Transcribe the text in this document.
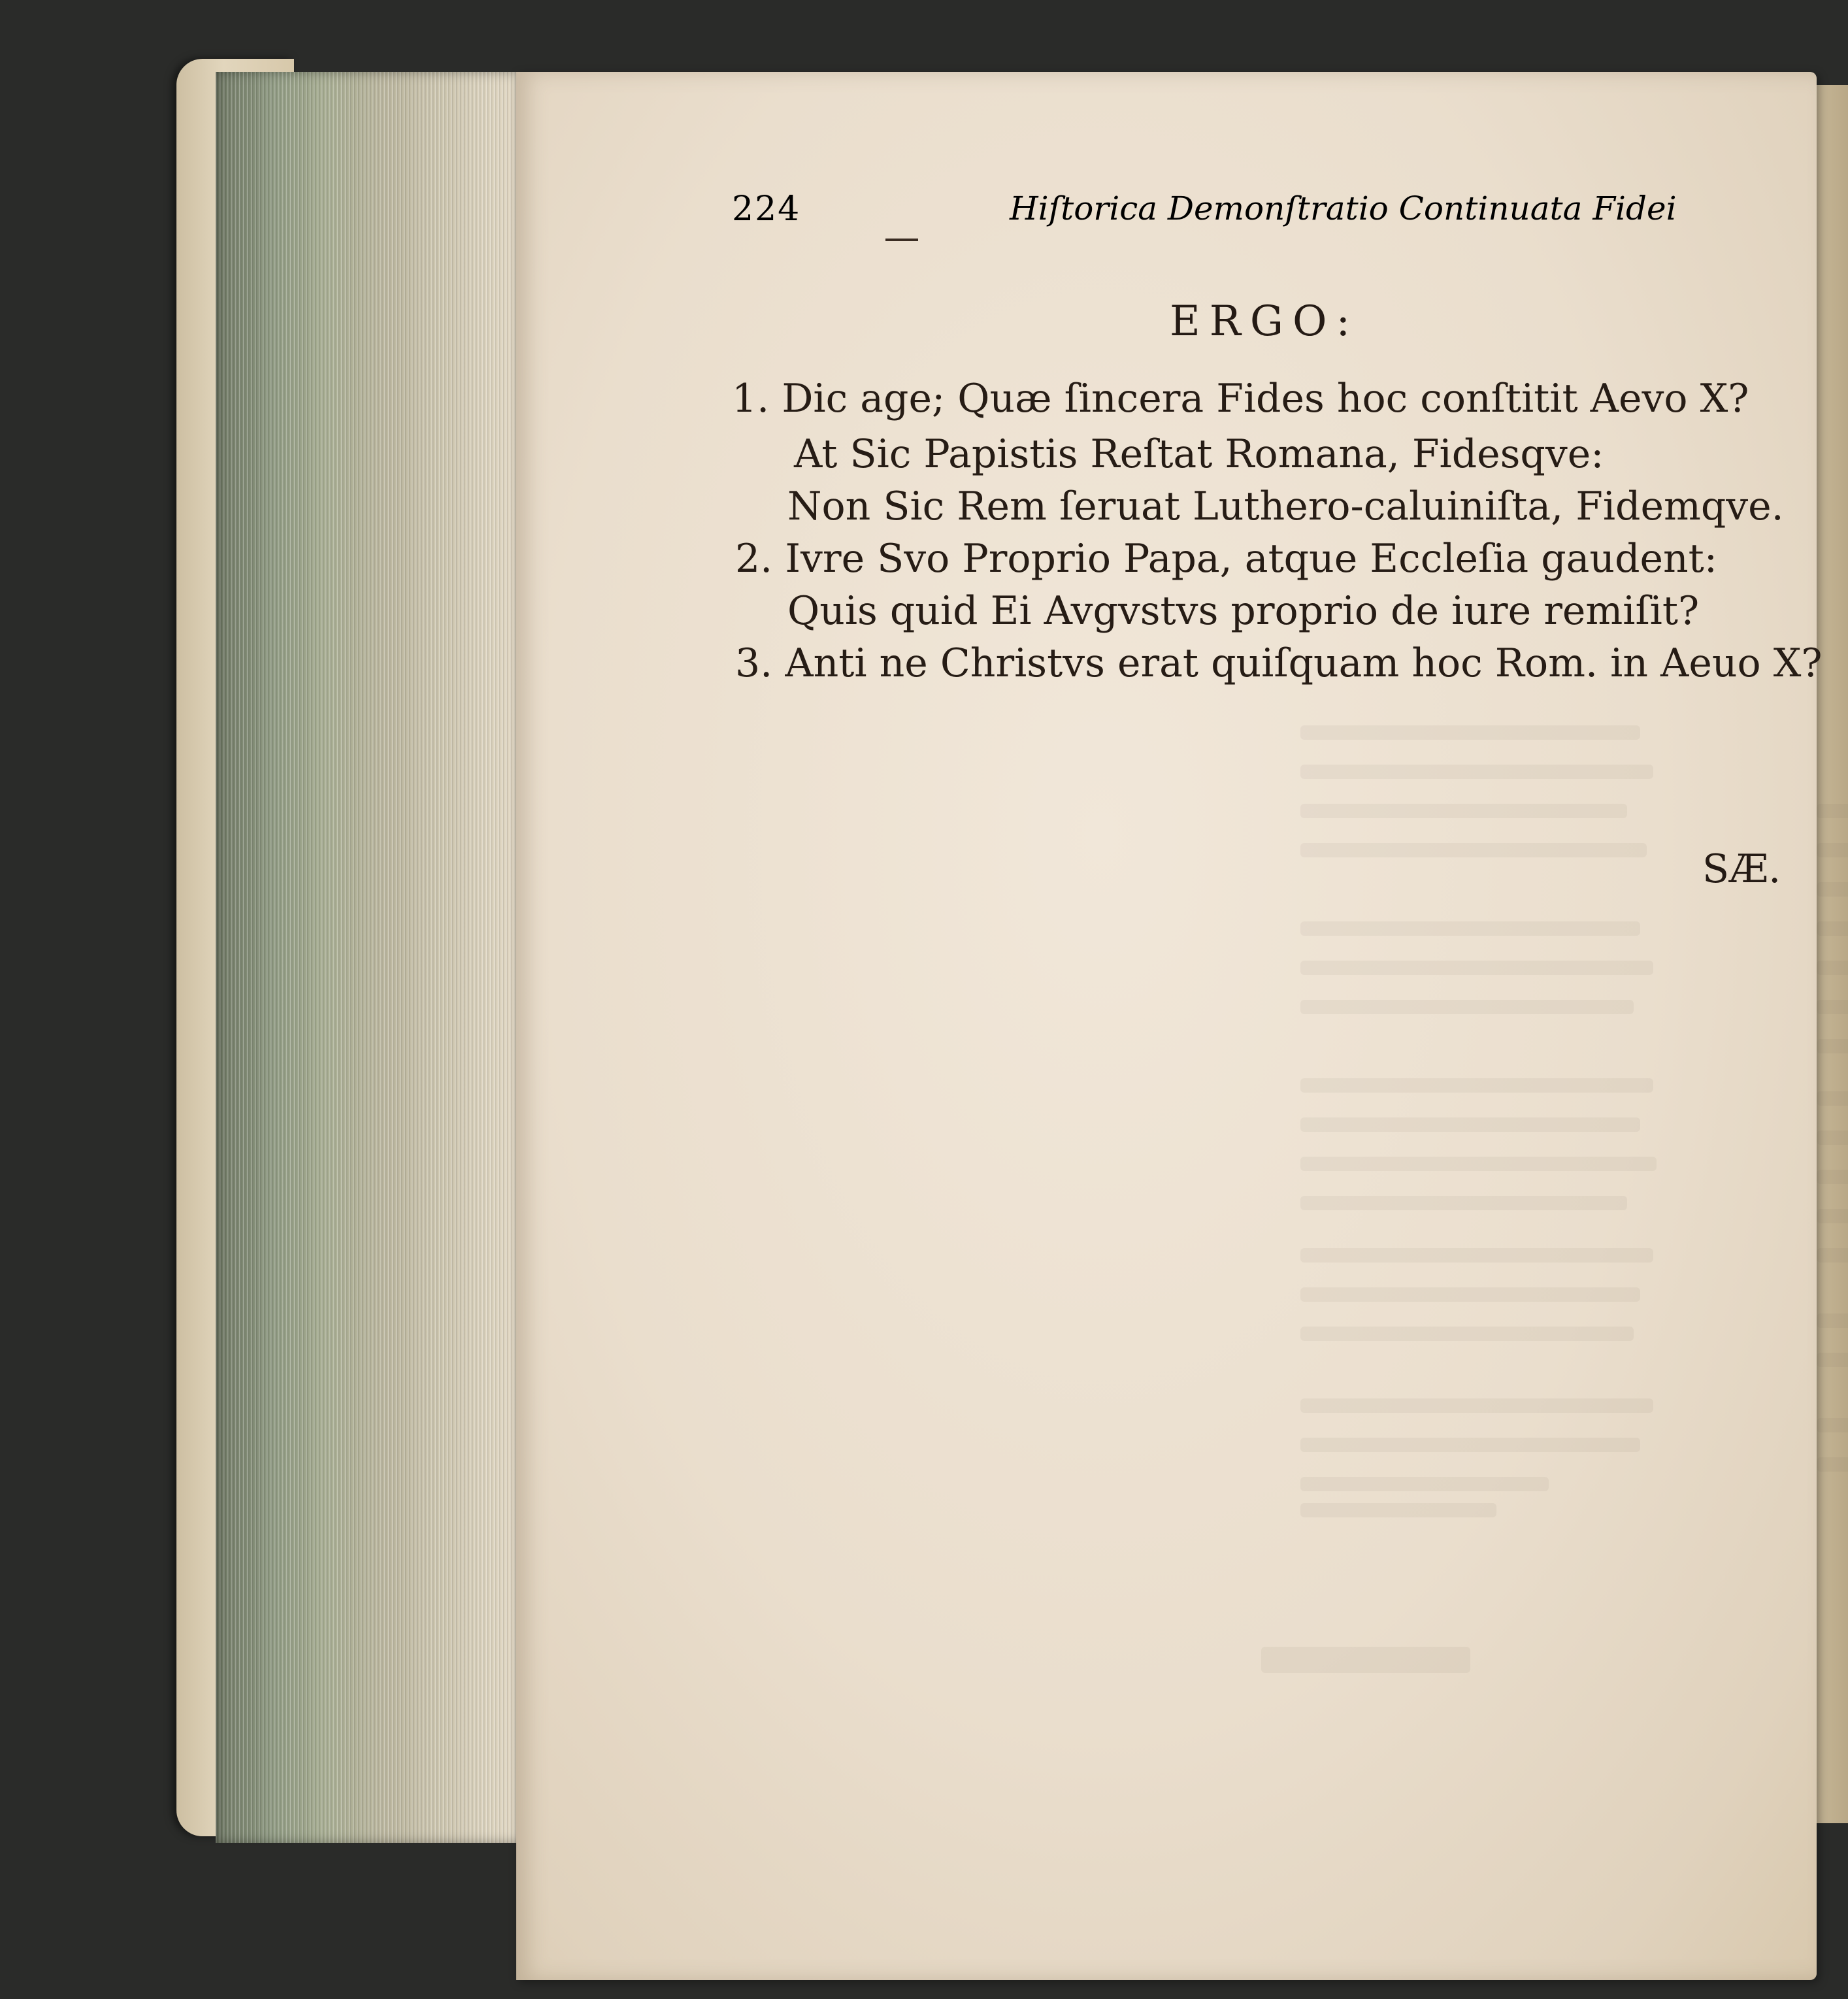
224	Hiſtorica Demonſtratio Continuata Fidei
ERGO:
1. Dic age; Quæ ſincera Fides hoc conſtitit Aevo X?
At Sic Papistis Reſtat Romana, Fidesqve:
Non Sic Rem ſeruat Luthero-caluiniſta, Fidemqve.
2. Ivre Svo Proprio Papa, atque Eccleſia gaudent:
Quis quid Ei Avgvstvs proprio de iure remiſit?
3. Anti ne Christvs erat quiſquam hoc Rom. in Aeuo X?
SÆ.
